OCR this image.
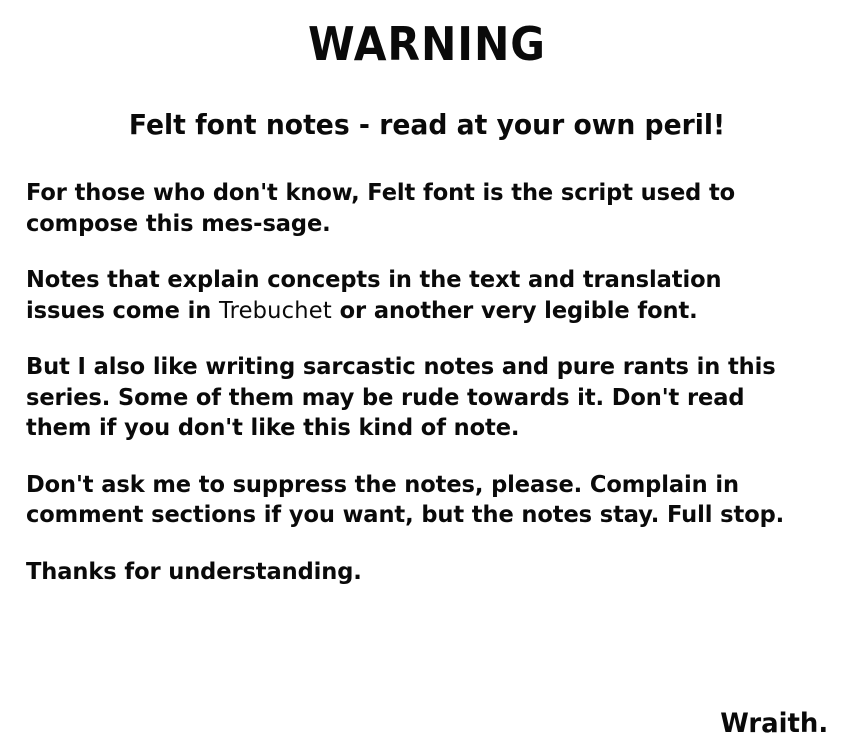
WARNING
Felt font notes - read at your own peril!

For those who don't know, Felt font is the script used to compose this mes-sage.

Notes that explain concepts in the text and translation issues come in Trebuchet or another very legible font.

But I also like writing sarcastic notes and pure rants in this series. Some of them may be rude towards it. Don't read them if you don't like this kind of note.

Don't ask me to suppress the notes, please. Complain in comment sections if you want, but the notes stay. Full stop.

Thanks for understanding.

Wraith.
